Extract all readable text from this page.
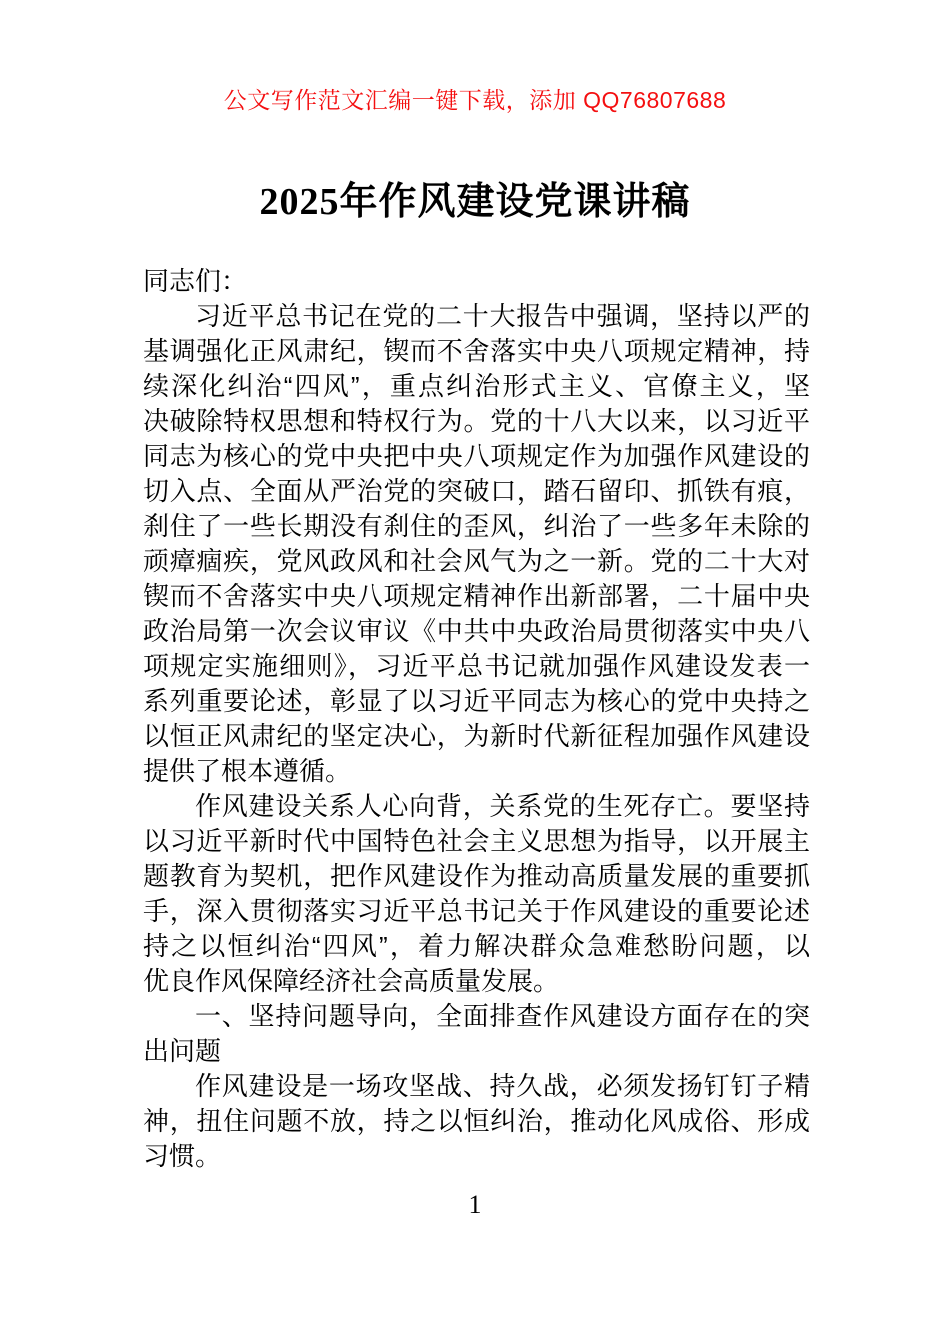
公文写作范文汇编一键下载，添加 QQ76807688
2025年作风建设党课讲稿
同志们：
习近平总书记在党的二十大报告中强调，坚持以严的
基调强化正风肃纪，锲而不舍落实中央八项规定精神，持
续深化纠治“四风”，重点纠治形式主义、官僚主义，坚
决破除特权思想和特权行为。党的十八大以来，以习近平
同志为核心的党中央把中央八项规定作为加强作风建设的
切入点、全面从严治党的突破口，踏石留印、抓铁有痕，
刹住了一些长期没有刹住的歪风，纠治了一些多年未除的
顽瘴痼疾，党风政风和社会风气为之一新。党的二十大对
锲而不舍落实中央八项规定精神作出新部署，二十届中央
政治局第一次会议审议《中共中央政治局贯彻落实中央八
项规定实施细则》，习近平总书记就加强作风建设发表一
系列重要论述，彰显了以习近平同志为核心的党中央持之
以恒正风肃纪的坚定决心，为新时代新征程加强作风建设
提供了根本遵循。
作风建设关系人心向背，关系党的生死存亡。要坚持
以习近平新时代中国特色社会主义思想为指导，以开展主
题教育为契机，把作风建设作为推动高质量发展的重要抓
手，深入贯彻落实习近平总书记关于作风建设的重要论述
持之以恒纠治“四风”，着力解决群众急难愁盼问题，以
优良作风保障经济社会高质量发展。
一、坚持问题导向，全面排查作风建设方面存在的突
出问题
作风建设是一场攻坚战、持久战，必须发扬钉钉子精
神，扭住问题不放，持之以恒纠治，推动化风成俗、形成
习惯。
1
